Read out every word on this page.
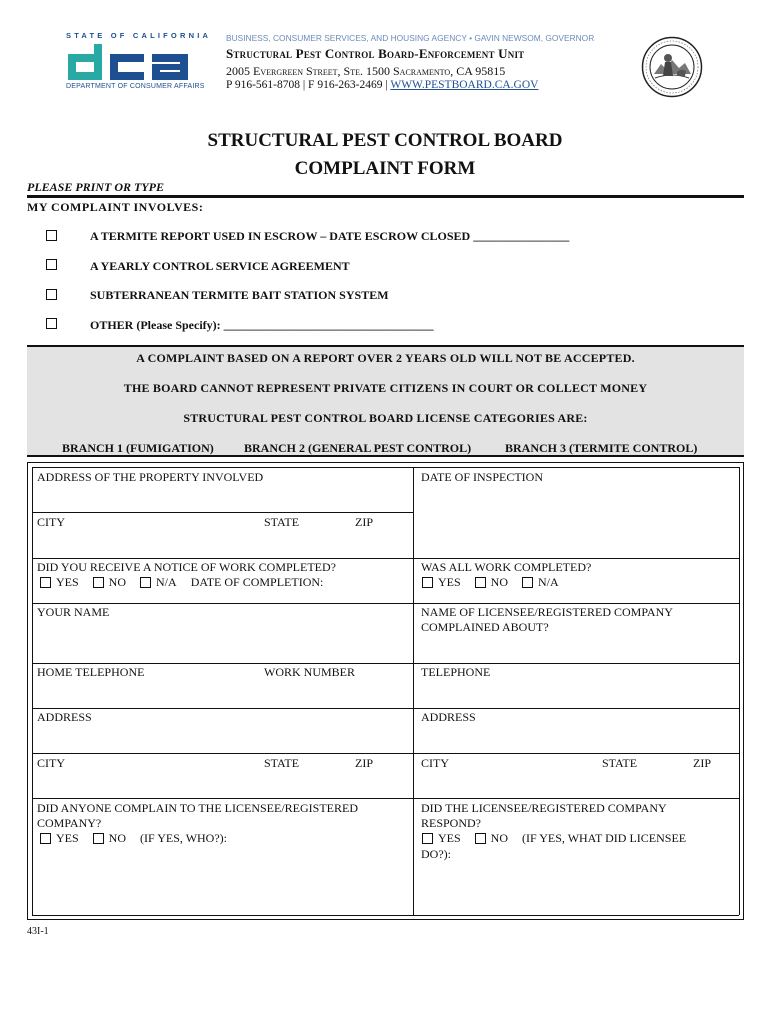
STATE OF CALIFORNIA
DEPARTMENT OF CONSUMER AFFAIRS
BUSINESS, CONSUMER SERVICES, AND HOUSING AGENCY • GAVIN NEWSOM, GOVERNOR
Structural Pest Control Board-Enforcement Unit
2005 Evergreen Street, Ste. 1500 Sacramento, CA 95815
P 916-561-8708 | F 916-263-2469 | WWW.PESTBOARD.CA.GOV
STRUCTURAL PEST CONTROL BOARD
COMPLAINT FORM
PLEASE PRINT OR TYPE
MY COMPLAINT INVOLVES:
A TERMITE REPORT USED IN ESCROW – DATE ESCROW CLOSED ________________
A YEARLY CONTROL SERVICE AGREEMENT
SUBTERRANEAN TERMITE BAIT STATION SYSTEM
OTHER (Please Specify): ___________________________________
A COMPLAINT BASED ON A REPORT OVER 2 YEARS OLD WILL NOT BE ACCEPTED.
THE BOARD CANNOT REPRESENT PRIVATE CITIZENS IN COURT OR COLLECT MONEY
STRUCTURAL PEST CONTROL BOARD LICENSE CATEGORIES ARE:
BRANCH 1 (FUMIGATION)	BRANCH 2 (GENERAL PEST CONTROL)	BRANCH 3 (TERMITE CONTROL)
ADDRESS OF THE PROPERTY INVOLVED	DATE OF INSPECTION
CITY	STATE	ZIP
DID YOU RECEIVE A NOTICE OF WORK COMPLETED?
YES	NO	N/A DATE OF COMPLETION:
WAS ALL WORK COMPLETED?
YES	NO	N/A
YOUR NAME	NAME OF LICENSEE/REGISTERED COMPANY
COMPLAINED ABOUT?
HOME TELEPHONE	WORK NUMBER	TELEPHONE
ADDRESS	ADDRESS
CITY	STATE	ZIP	CITY	STATE	ZIP
DID ANYONE COMPLAIN TO THE LICENSEE/REGISTERED
COMPANY?
YES	NO (IF YES, WHO?):
DID THE LICENSEE/REGISTERED COMPANY
RESPOND?
YES	NO (IF YES, WHAT DID LICENSEE
DO?):
43I-1
